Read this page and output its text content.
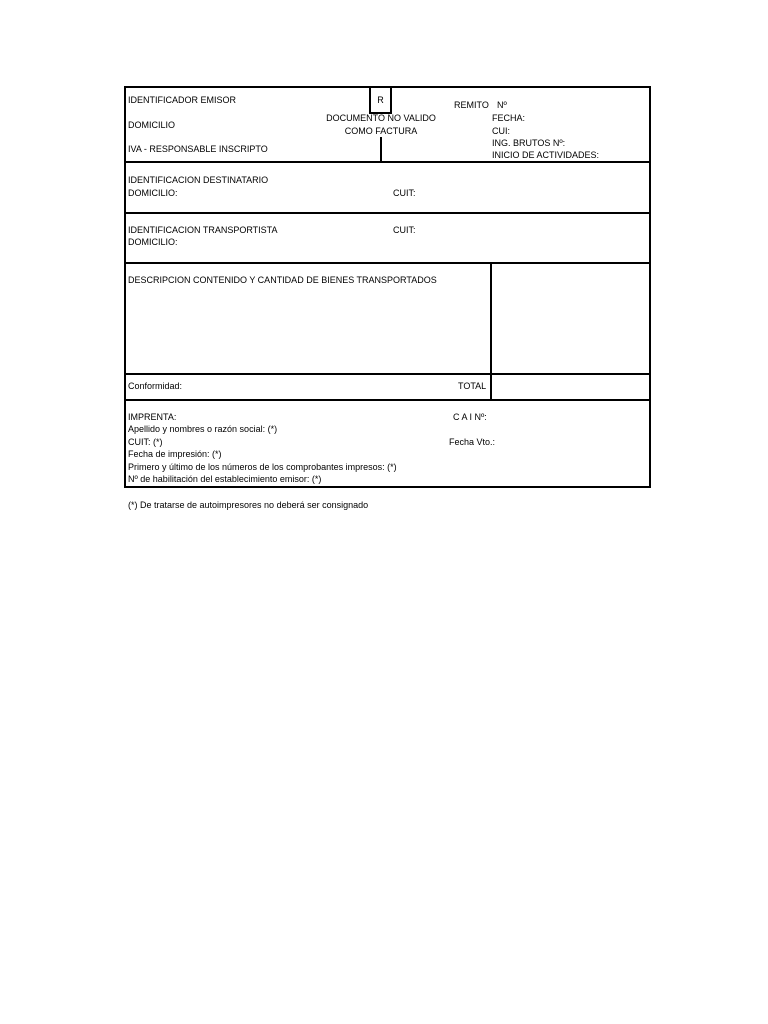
IDENTIFICADOR EMISOR
DOMICILIO
IVA - RESPONSABLE INSCRIPTO
R
DOCUMENTO NO VALIDO
COMO FACTURA
REMITO Nº
FECHA:
CUI:
ING. BRUTOS Nº:
INICIO DE ACTIVIDADES:
IDENTIFICACION DESTINATARIO
DOMICILIO:	CUIT:
IDENTIFICACION TRANSPORTISTA	CUIT:
DOMICILIO:
DESCRIPCION CONTENIDO Y CANTIDAD DE BIENES TRANSPORTADOS
Conformidad:	TOTAL
IMPRENTA:	C A I Nº:
Apellido y nombres o razón social: (*)
CUIT: (*)	Fecha Vto.:
Fecha de impresión: (*)
Primero y último de los números de los comprobantes impresos: (*)
Nº de habilitación del establecimiento emisor: (*)
(*) De tratarse de autoimpresores no deberá ser consignado
